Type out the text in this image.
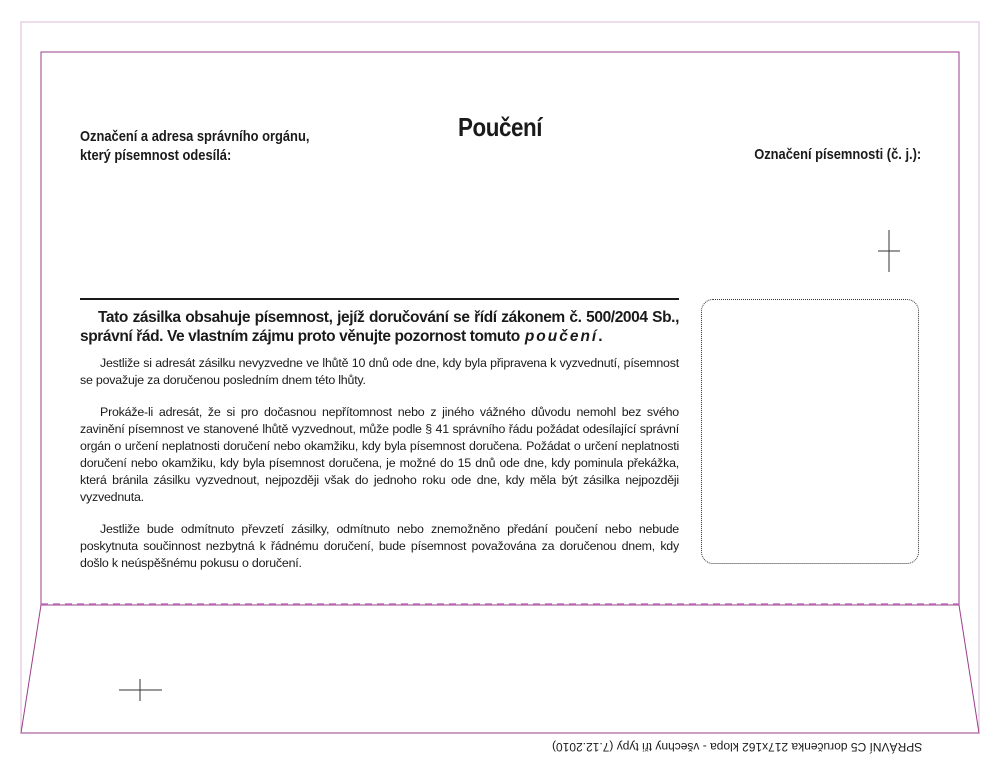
Poučení
Označení a adresa správního orgánu,
který písemnost odesílá:	Označení písemnosti (č. j.):

Tato zásilka obsahuje písemnost, jejíž doručování se řídí zákonem č. 500/2004 Sb., správní řád. Ve vlastním zájmu proto věnujte pozornost tomuto poučení.

Jestliže si adresát zásilku nevyzvedne ve lhůtě 10 dnů ode dne, kdy byla připravena k vyzvednutí, písemnost se považuje za doručenou posledním dnem této lhůty.

Prokáže-li adresát, že si pro dočasnou nepřítomnost nebo z jiného vážného důvodu nemohl bez svého zavinění písemnost ve stanovené lhůtě vyzvednout, může podle § 41 správního řádu požádat odesílající správní orgán o určení neplatnosti doručení nebo okamžiku, kdy byla písemnost doručena. Požádat o určení neplatnosti doručení nebo okamžiku, kdy byla písemnost doručena, je možné do 15 dnů ode dne, kdy pominula překážka, která bránila zásilku vyzvednout, nejpozději však do jednoho roku ode dne, kdy měla být zásilka nejpozději vyzvednuta.

Jestliže bude odmítnuto převzetí zásilky, odmítnuto nebo znemožněno předání poučení nebo nebude poskytnuta součinnost nezbytná k řádnému doručení, bude písemnost považována za doručenou dnem, kdy došlo k neúspěšnému pokusu o doručení.

SPRÁVNÍ C5 doručenka 217x162 klopa - všechny tři typy (7.12.2010)
